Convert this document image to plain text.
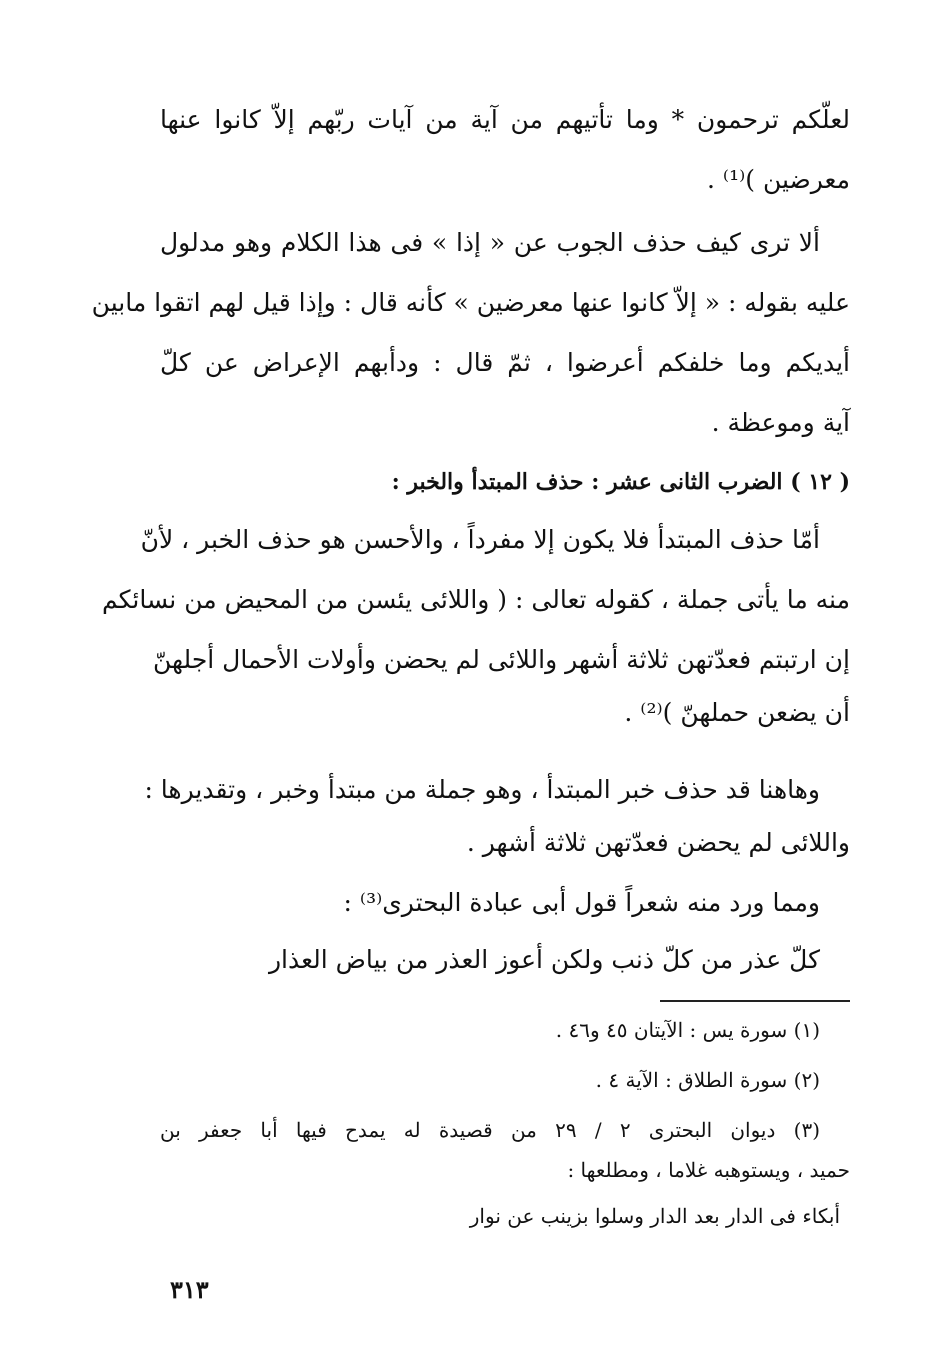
لعلّكم ترحمون * وما تأتيهم من آية من آيات ربّهم إلاّ كانوا عنها
معرضين )⁽¹⁾ .
ألا ترى كيف حذف الجوب عن « إذا » فى هذا الكلام وهو مدلول
عليه بقوله : « إلاّ كانوا عنها معرضين » كأنه قال : وإذا قيل لهم اتقوا مابين
أيديكم وما خلفكم أعرضوا ، ثمّ قال : ودأبهم الإعراض عن كلّ
آية وموعظة .
( ١٢ ) الضرب الثانى عشر : حذف المبتدأ والخبر :
أمّا حذف المبتدأ فلا يكون إلا مفرداً ، والأحسن هو حذف الخبر ، لأنّ
منه ما يأتى جملة ، كقوله تعالى : ( واللائى يئسن من المحيض من نسائكم
إن ارتبتم فعدّتهن ثلاثة أشهر واللائى لم يحضن وأولات الأحمال أجلهنّ
أن يضعن حملهنّ )⁽²⁾ .
وهاهنا قد حذف خبر المبتدأ ، وهو جملة من مبتدأ وخبر ، وتقديرها :
واللائى لم يحضن فعدّتهن ثلاثة أشهر .
ومما ورد منه شعراً قول أبى عبادة البحترى⁽³⁾ :
كلّ عذر من كلّ ذنب ولكن أعوز العذر من بياض العذار
(١) سورة يس : الآيتان ٤٥ و٤٦ .
(٢) سورة الطلاق : الآية ٤ .
(٣) ديوان البحترى ٢ / ٢٩ من قصيدة له يمدح فيها أبا جعفر بن
حميد ، ويستوهبه غلاما ، ومطلعها :
أبكاء فى الدار بعد الدار وسلوا بزينب عن نوار
٣١٣
